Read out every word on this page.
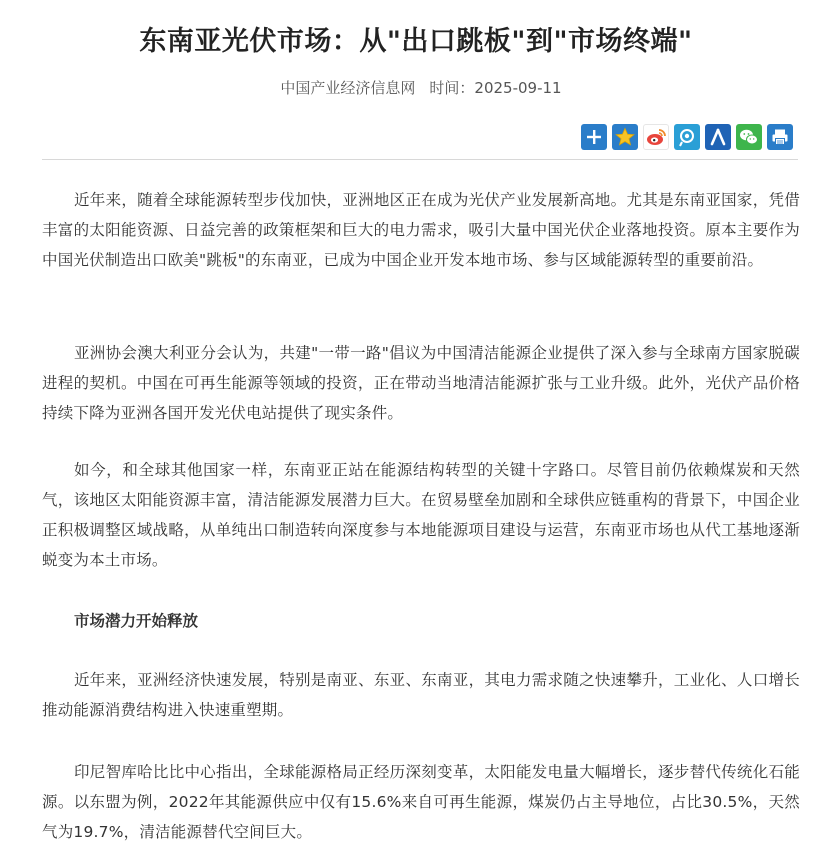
东南亚光伏市场：从"出口跳板"到"市场终端"
中国产业经济信息网 时间：2025-09-11

近年来，随着全球能源转型步伐加快，亚洲地区正在成为光伏产业发展新高地。尤其是东南亚国家，凭借丰富的太阳能资源、日益完善的政策框架和巨大的电力需求，吸引大量中国光伏企业落地投资。原本主要作为中国光伏制造出口欧美"跳板"的东南亚，已成为中国企业开发本地市场、参与区域能源转型的重要前沿。

亚洲协会澳大利亚分会认为，共建"一带一路"倡议为中国清洁能源企业提供了深入参与全球南方国家脱碳进程的契机。中国在可再生能源等领域的投资，正在带动当地清洁能源扩张与工业升级。此外，光伏产品价格持续下降为亚洲各国开发光伏电站提供了现实条件。

如今，和全球其他国家一样，东南亚正站在能源结构转型的关键十字路口。尽管目前仍依赖煤炭和天然气，该地区太阳能资源丰富，清洁能源发展潜力巨大。在贸易壁垒加剧和全球供应链重构的背景下，中国企业正积极调整区域战略，从单纯出口制造转向深度参与本地能源项目建设与运营，东南亚市场也从代工基地逐渐蜕变为本土市场。

市场潜力开始释放

近年来，亚洲经济快速发展，特别是南亚、东亚、东南亚，其电力需求随之快速攀升，工业化、人口增长推动能源消费结构进入快速重塑期。

印尼智库哈比比中心指出，全球能源格局正经历深刻变革，太阳能发电量大幅增长，逐步替代传统化石能源。以东盟为例，2022年其能源供应中仅有15.6%来自可再生能源，煤炭仍占主导地位，占比30.5%，天然气为19.7%，清洁能源替代空间巨大。
